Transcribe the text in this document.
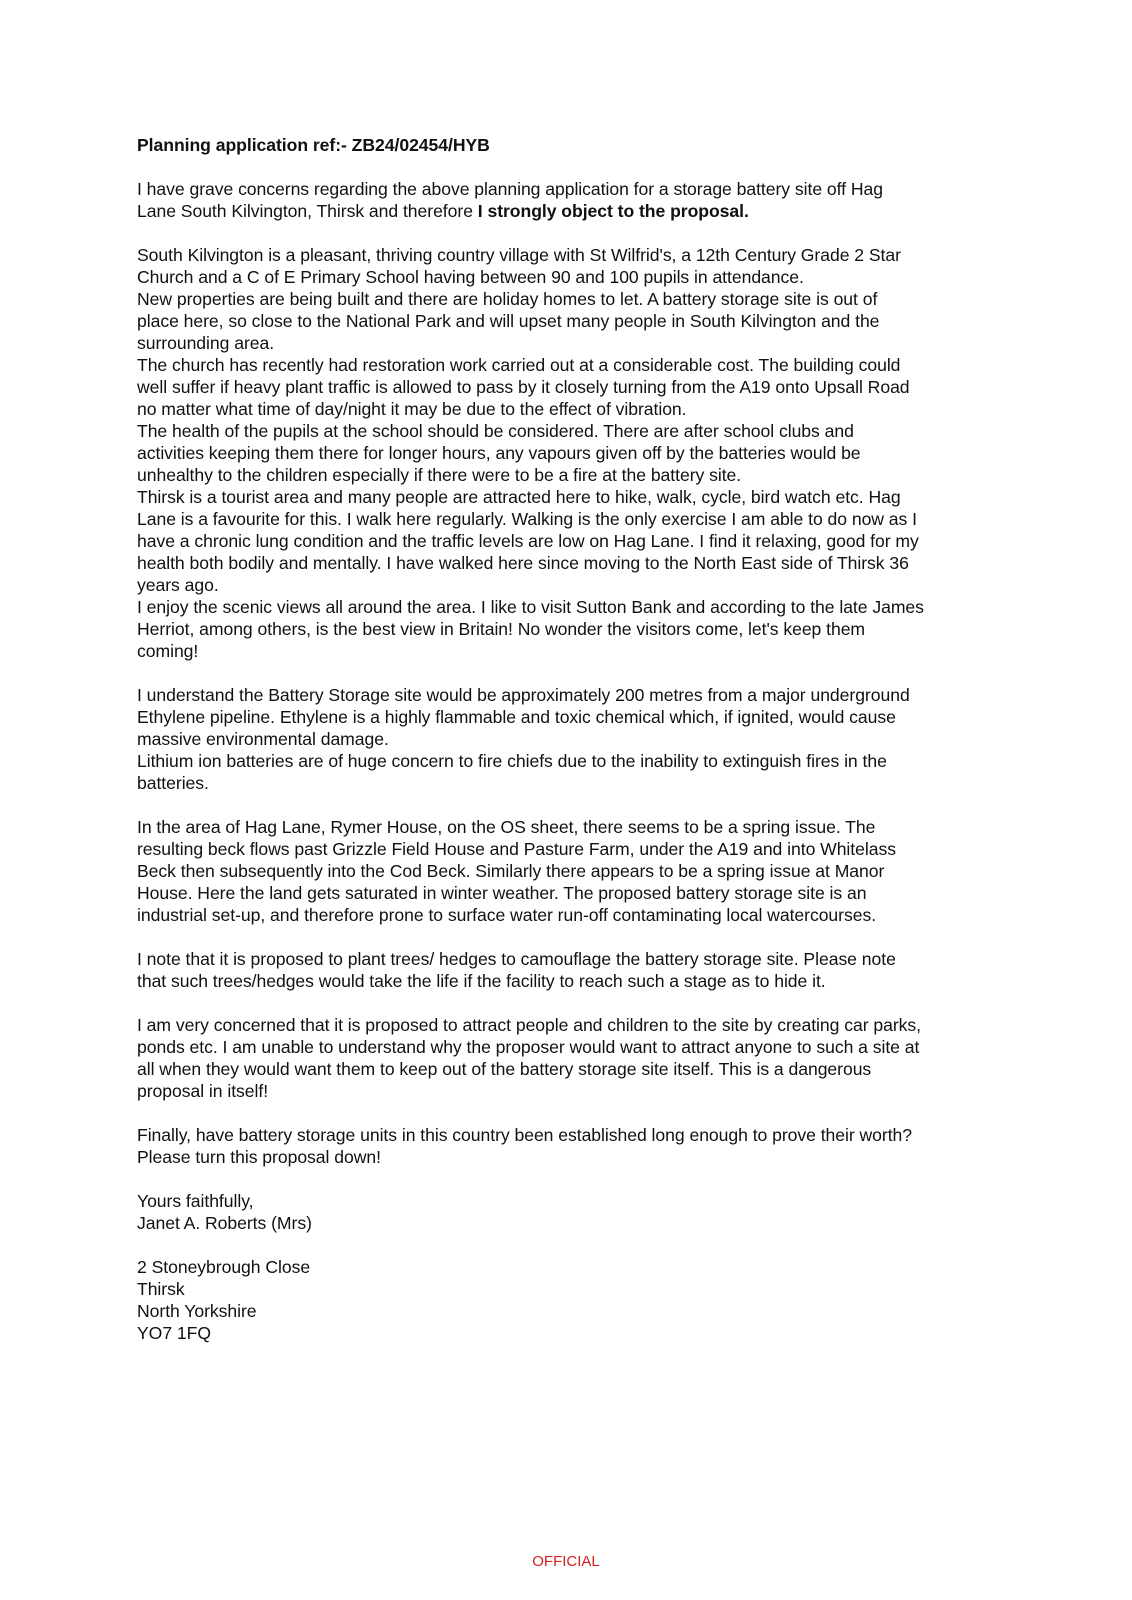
Planning application ref:- ZB24/02454/HYB
I have grave concerns regarding the above planning application for a storage battery site off Hag
Lane South Kilvington, Thirsk and therefore I strongly object to the proposal.
South Kilvington is a pleasant, thriving country village with St Wilfrid's, a 12th Century Grade 2 Star
Church and a C of E Primary School having between 90 and 100 pupils in attendance.
New properties are being built and there are holiday homes to let. A battery storage site is out of
place here, so close to the National Park and will upset many people in South Kilvington and the
surrounding area.
The church has recently had restoration work carried out at a considerable cost. The building could
well suffer if heavy plant traffic is allowed to pass by it closely turning from the A19 onto Upsall Road
no matter what time of day/night it may be due to the effect of vibration.
The health of the pupils at the school should be considered. There are after school clubs and
activities keeping them there for longer hours, any vapours given off by the batteries would be
unhealthy to the children especially if there were to be a fire at the battery site.
Thirsk is a tourist area and many people are attracted here to hike, walk, cycle, bird watch etc. Hag
Lane is a favourite for this. I walk here regularly. Walking is the only exercise I am able to do now as I
have a chronic lung condition and the traffic levels are low on Hag Lane. I find it relaxing, good for my
health both bodily and mentally. I have walked here since moving to the North East side of Thirsk 36
years ago.
I enjoy the scenic views all around the area. I like to visit Sutton Bank and according to the late James
Herriot, among others, is the best view in Britain! No wonder the visitors come, let's keep them
coming!
I understand the Battery Storage site would be approximately 200 metres from a major underground
Ethylene pipeline. Ethylene is a highly flammable and toxic chemical which, if ignited, would cause
massive environmental damage.
Lithium ion batteries are of huge concern to fire chiefs due to the inability to extinguish fires in the
batteries.
In the area of Hag Lane, Rymer House, on the OS sheet, there seems to be a spring issue. The
resulting beck flows past Grizzle Field House and Pasture Farm, under the A19 and into Whitelass
Beck then subsequently into the Cod Beck. Similarly there appears to be a spring issue at Manor
House. Here the land gets saturated in winter weather. The proposed battery storage site is an
industrial set-up, and therefore prone to surface water run-off contaminating local watercourses.
I note that it is proposed to plant trees/ hedges to camouflage the battery storage site. Please note
that such trees/hedges would take the life if the facility to reach such a stage as to hide it.
I am very concerned that it is proposed to attract people and children to the site by creating car parks,
ponds etc. I am unable to understand why the proposer would want to attract anyone to such a site at
all when they would want them to keep out of the battery storage site itself. This is a dangerous
proposal in itself!
Finally, have battery storage units in this country been established long enough to prove their worth?
Please turn this proposal down!
Yours faithfully,
Janet A. Roberts (Mrs)
2 Stoneybrough Close
Thirsk
North Yorkshire
YO7 1FQ
OFFICIAL
